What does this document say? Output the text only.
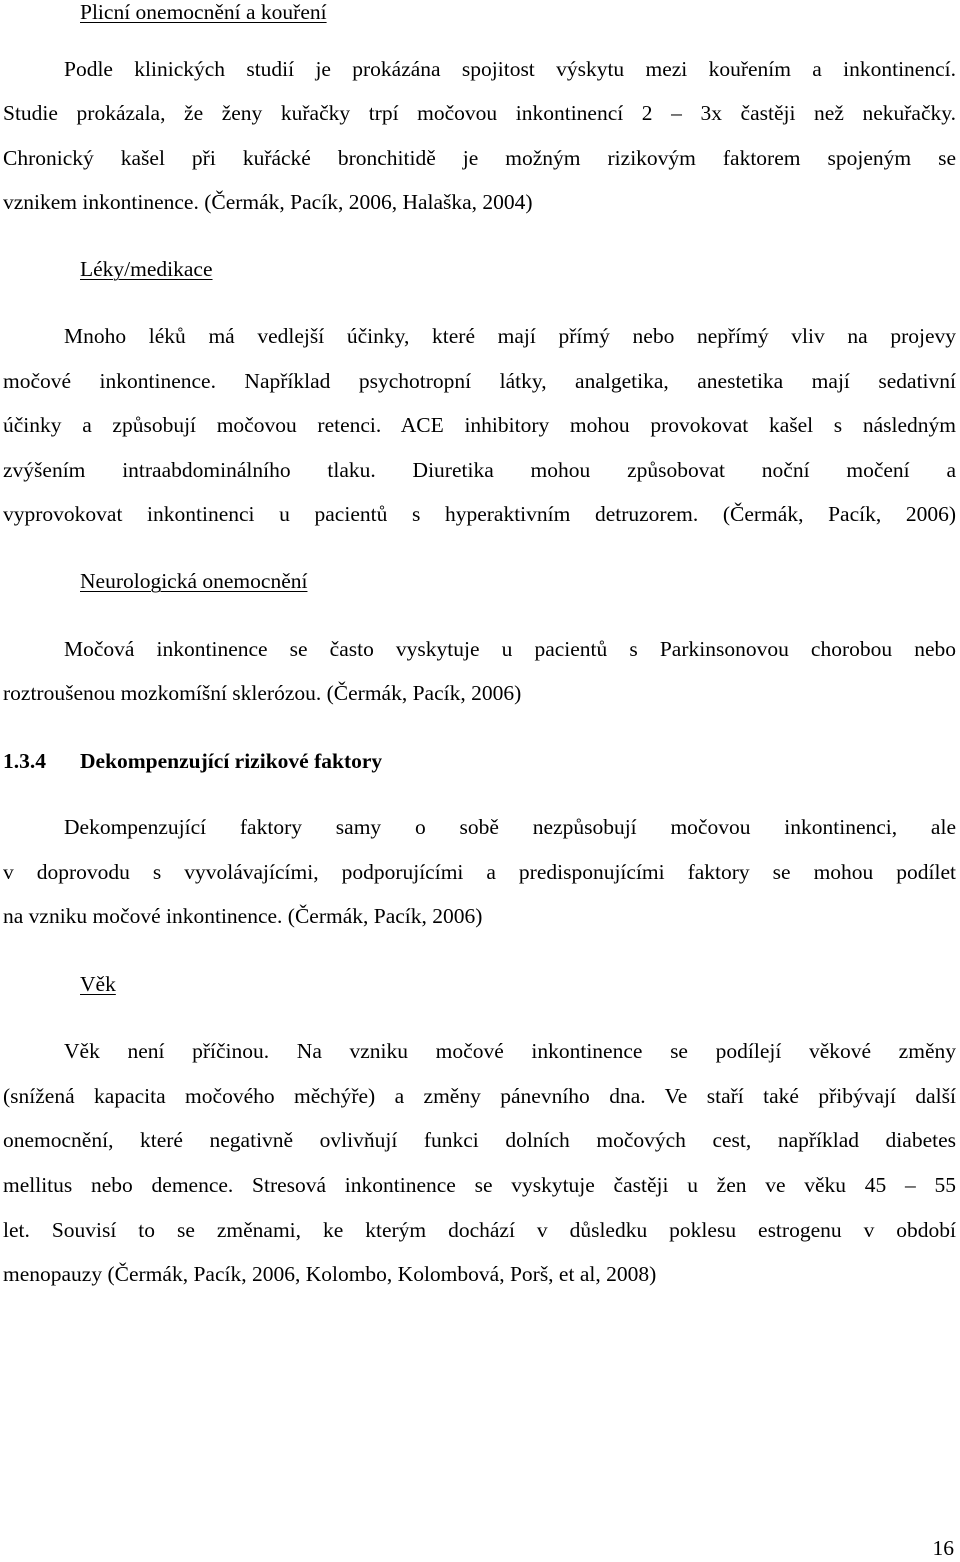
Plicní onemocnění a kouření
Podle klinických studií je prokázána spojitost výskytu mezi kouřením a inkontinencí.
Studie prokázala, že ženy kuřačky trpí močovou inkontinencí 2 – 3x častěji než nekuřačky.
Chronický kašel při kuřácké bronchitidě je možným rizikovým faktorem spojeným se
vznikem inkontinence. (Čermák, Pacík, 2006, Halaška, 2004)
Léky/medikace
Mnoho léků má vedlejší účinky, které mají přímý nebo nepřímý vliv na projevy
močové inkontinence. Například psychotropní látky, analgetika, anestetika mají sedativní
účinky a způsobují močovou retenci. ACE inhibitory mohou provokovat kašel s následným
zvýšením intraabdominálního tlaku. Diuretika mohou způsobovat noční močení a
vyprovokovat inkontinenci u pacientů s hyperaktivním detruzorem. (Čermák, Pacík, 2006)
Neurologická onemocnění
Močová inkontinence se často vyskytuje u pacientů s Parkinsonovou chorobou nebo
roztroušenou mozkomíšní sklerózou. (Čermák, Pacík, 2006)
1.3.4 Dekompenzující rizikové faktory
Dekompenzující faktory samy o sobě nezpůsobují močovou inkontinenci, ale
v doprovodu s vyvolávajícími, podporujícími a predisponujícími faktory se mohou podílet
na vzniku močové inkontinence. (Čermák, Pacík, 2006)
Věk
Věk není příčinou. Na vzniku močové inkontinence se podílejí věkové změny
(snížená kapacita močového měchýře) a změny pánevního dna. Ve staří také přibývají další
onemocnění, které negativně ovlivňují funkci dolních močových cest, například diabetes
mellitus nebo demence. Stresová inkontinence se vyskytuje častěji u žen ve věku 45 – 55
let. Souvisí to se změnami, ke kterým dochází v důsledku poklesu estrogenu v období
menopauzy (Čermák, Pacík, 2006, Kolombo, Kolombová, Porš, et al, 2008)
16
